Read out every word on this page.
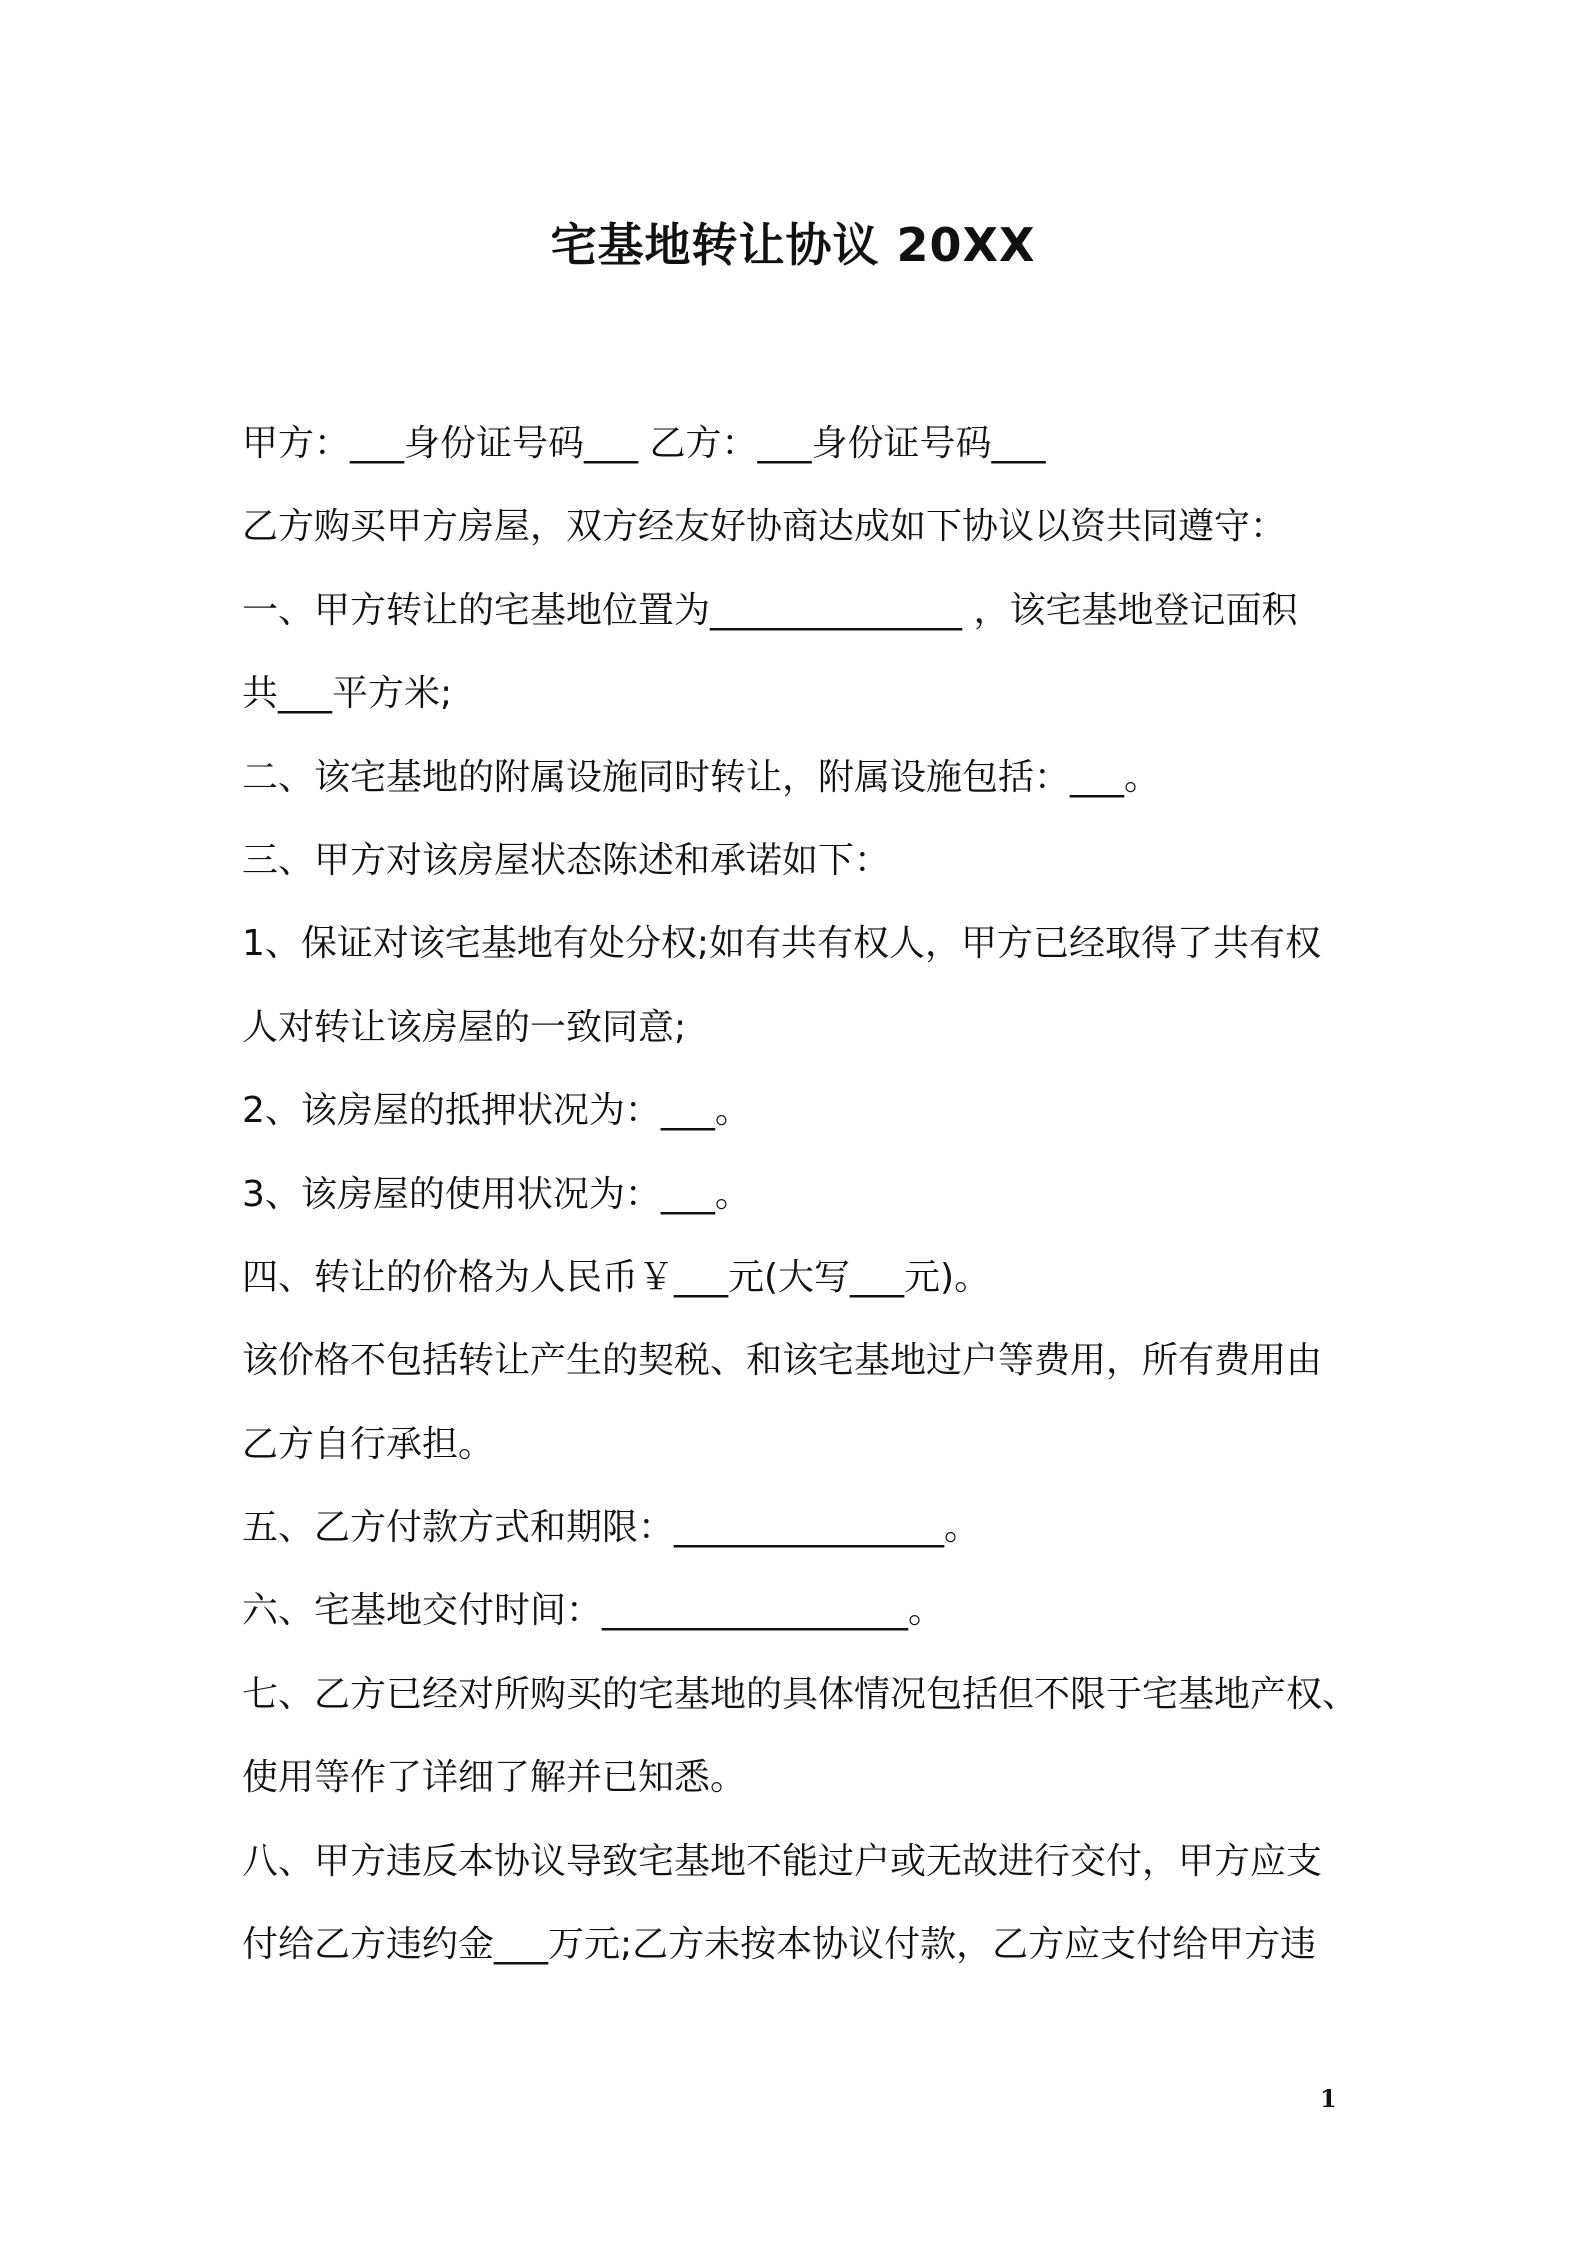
宅基地转让协议 20XX
甲方：___身份证号码___ 乙方：___身份证号码___
乙方购买甲方房屋，双方经友好协商达成如下协议以资共同遵守：
一、甲方转让的宅基地位置为______________ ，该宅基地登记面积
共___平方米;
二、该宅基地的附属设施同时转让，附属设施包括：___。
三、甲方对该房屋状态陈述和承诺如下：
1、保证对该宅基地有处分权;如有共有权人，甲方已经取得了共有权
人对转让该房屋的一致同意;
2、该房屋的抵押状况为：___。
3、该房屋的使用状况为：___。
四、转让的价格为人民币￥___元(大写___元)。
该价格不包括转让产生的契税、和该宅基地过户等费用，所有费用由
乙方自行承担。
五、乙方付款方式和期限：_______________。
六、宅基地交付时间：_________________。
七、乙方已经对所购买的宅基地的具体情况包括但不限于宅基地产权、
使用等作了详细了解并已知悉。
八、甲方违反本协议导致宅基地不能过户或无故进行交付，甲方应支
付给乙方违约金___万元;乙方未按本协议付款，乙方应支付给甲方违
1
